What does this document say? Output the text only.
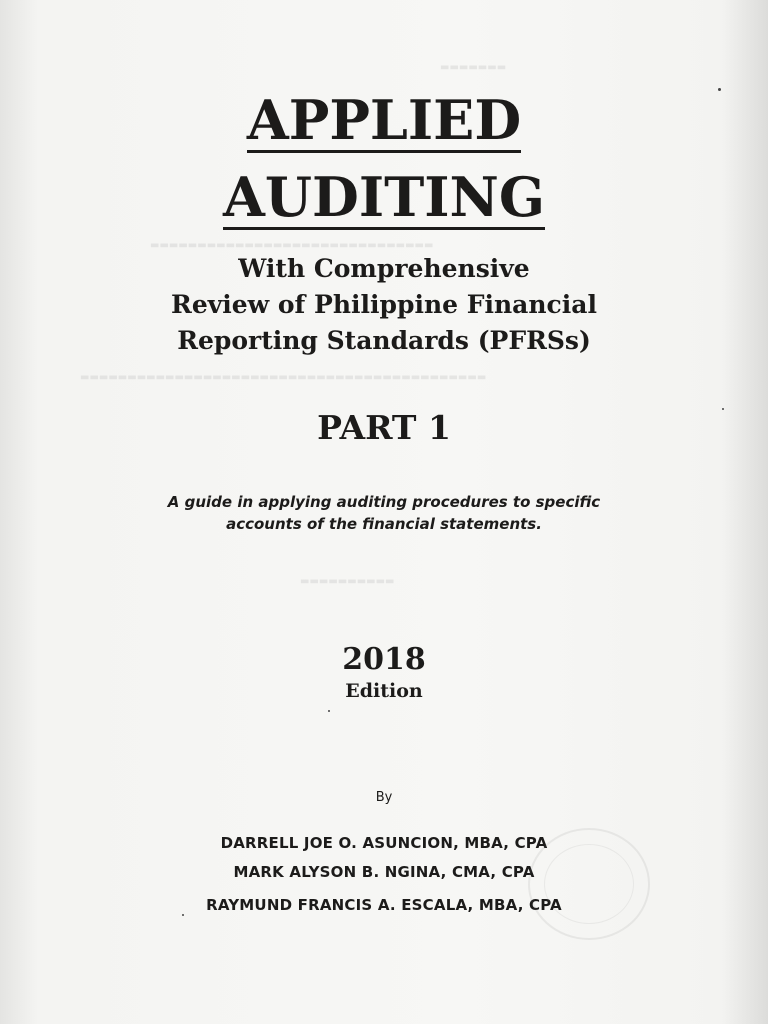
▬▬▬▬▬▬▬
▬▬▬▬▬▬▬▬▬▬▬▬▬▬▬▬▬▬▬▬▬▬▬▬▬▬▬▬▬▬
▬▬▬▬▬▬▬▬▬▬▬▬▬▬▬▬▬▬▬▬▬▬▬▬▬▬▬▬▬▬▬▬▬▬▬▬▬▬▬▬▬▬▬
▬▬▬▬▬▬▬▬▬▬
APPLIED
AUDITING
With Comprehensive
Review of Philippine Financial
Reporting Standards (PFRSs)
PART 1
A guide in applying auditing procedures to specific
accounts of the financial statements.
2018
Edition
By
DARRELL JOE O. ASUNCION, MBA, CPA
MARK ALYSON B. NGINA, CMA, CPA
RAYMUND FRANCIS A. ESCALA, MBA, CPA
